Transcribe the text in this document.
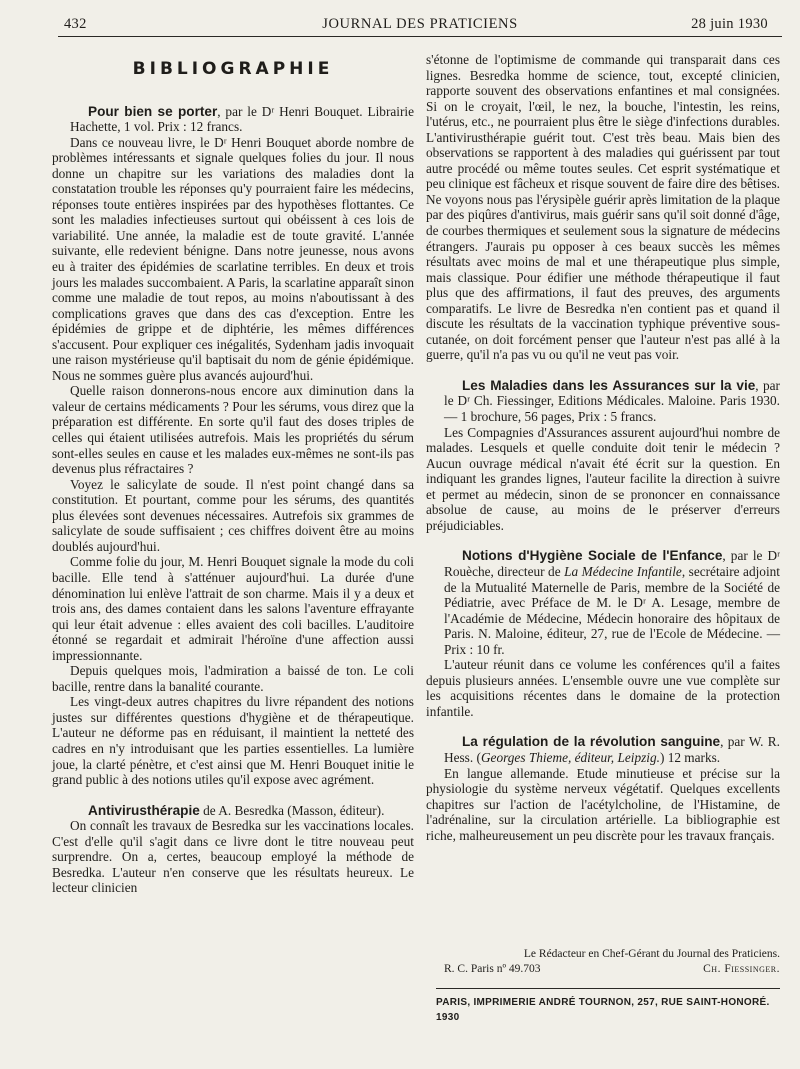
432	JOURNAL DES PRATICIENS	28 juin 1930
BIBLIOGRAPHIE

Pour bien se porter, par le Dʳ Henri Bouquet. Librairie Hachette, 1 vol. Prix : 12 francs.

Dans ce nouveau livre, le Dʳ Henri Bouquet aborde nombre de problèmes intéressants et signale quelques folies du jour. Il nous donne un chapitre sur les variations des maladies dont la constatation trouble les réponses qu'y pourraient faire les médecins, réponses toute entières inspirées par des hypothèses flottantes. Ce sont les maladies infectieuses surtout qui obéissent à ces lois de variabilité. Une année, la maladie est de toute gravité. L'année suivante, elle redevient bénigne. Dans notre jeunesse, nous avons eu à traiter des épidémies de scarlatine terribles. En deux et trois jours les malades succombaient. A Paris, la scarlatine apparaît sinon comme une maladie de tout repos, au moins n'aboutissant à des complications graves que dans des cas d'exception. Entre les épidémies de grippe et de diphtérie, les mêmes différences s'accusent. Pour expliquer ces inégalités, Sydenham jadis invoquait une raison mystérieuse qu'il baptisait du nom de génie épidémique. Nous ne sommes guère plus avancés aujourd'hui.

Quelle raison donnerons-nous encore aux diminution dans la valeur de certains médicaments ? Pour les sérums, vous direz que la préparation est différente. En sorte qu'il faut des doses triples de celles qui étaient utilisées autrefois. Mais les propriétés du sérum sont-elles seules en cause et les malades eux-mêmes ne sont-ils pas devenus plus réfractaires ?

Voyez le salicylate de soude. Il n'est point changé dans sa constitution. Et pourtant, comme pour les sérums, des quantités plus élevées sont devenues nécessaires. Autrefois six grammes de salicylate de soude suffisaient ; ces chiffres doivent être au moins doublés aujourd'hui.

Comme folie du jour, M. Henri Bouquet signale la mode du coli bacille. Elle tend à s'atténuer aujourd'hui. La durée d'une dénomination lui enlève l'attrait de son charme. Mais il y a deux et trois ans, des dames contaient dans les salons l'aventure effrayante qui leur était advenue : elles avaient des coli bacilles. L'auditoire étonné se regardait et admirait l'héroïne d'une affection aussi impressionnante.

Depuis quelques mois, l'admiration a baissé de ton. Le coli bacille, rentre dans la banalité courante.

Les vingt-deux autres chapitres du livre répandent des notions justes sur différentes questions d'hygiène et de thérapeutique. L'auteur ne déforme pas en réduisant, il maintient la netteté des cadres en n'y introduisant que les parties essentielles. La lumière joue, la clarté pénètre, et c'est ainsi que M. Henri Bouquet initie le grand public à des notions utiles qu'il expose avec agrément.

Antivirusthérapie de A. Besredka (Masson, éditeur).

On connaît les travaux de Besredka sur les vaccinations locales. C'est d'elle qu'il s'agit dans ce livre dont le titre nouveau peut surprendre. On a, certes, beaucoup employé la méthode de Besredka. L'auteur n'en conserve que les résultats heureux. Le lecteur clinicien

s'étonne de l'optimisme de commande qui transparait dans ces lignes. Besredka homme de science, tout, excepté clinicien, rapporte souvent des observations enfantines et mal consignées. Si on le croyait, l'œil, le nez, la bouche, l'intestin, les reins, l'utérus, etc., ne pourraient plus être le siège d'infections durables. L'antivirusthérapie guérit tout. C'est très beau. Mais bien des observations se rapportent à des maladies qui guérissent par tout autre procédé ou même toutes seules. Cet esprit systématique et peu clinique est fâcheux et risque souvent de faire dire des bêtises. Ne voyons nous pas l'érysipèle guérir après limitation de la plaque par des piqûres d'antivirus, mais guérir sans qu'il soit donné d'âge, de courbes thermiques et seulement sous la signature de médecins étrangers. J'aurais pu opposer à ces beaux succès les mêmes résultats avec moins de mal et une thérapeutique plus simple, mais classique. Pour édifier une méthode thérapeutique il faut plus que des affirmations, il faut des preuves, des arguments comparatifs. Le livre de Besredka n'en contient pas et quand il discute les résultats de la vaccination typhique préventive sous-cutanée, on doit forcément penser que l'auteur n'est pas allé à la guerre, qu'il n'a pas vu ou qu'il ne veut pas voir.

Les Maladies dans les Assurances sur la vie, par le Dʳ Ch. Fiessinger, Editions Médicales. Maloine. Paris 1930. — 1 brochure, 56 pages, Prix : 5 francs.

Les Compagnies d'Assurances assurent aujourd'hui nombre de malades. Lesquels et quelle conduite doit tenir le médecin ? Aucun ouvrage médical n'avait été écrit sur la question. En indiquant les grandes lignes, l'auteur facilite la direction à suivre et permet au médecin, sinon de se prononcer en connaissance absolue de cause, au moins de le préserver d'erreurs préjudiciables.

Notions d'Hygiène Sociale de l'Enfance, par le Dʳ Rouèche, directeur de La Médecine Infantile, secrétaire adjoint de la Mutualité Maternelle de Paris, membre de la Société de Pédiatrie, avec Préface de M. le Dʳ A. Lesage, membre de l'Académie de Médecine, Médecin honoraire des hôpitaux de Paris. N. Maloine, éditeur, 27, rue de l'Ecole de Médecine. — Prix : 10 fr.

L'auteur réunit dans ce volume les conférences qu'il a faites depuis plusieurs années. L'ensemble ouvre une vue complète sur les acquisitions récentes dans le domaine de la protection infantile.

La régulation de la révolution sanguine, par W. R. Hess. (Georges Thieme, éditeur, Leipzig.) 12 marks.

En langue allemande. Etude minutieuse et précise sur la physiologie du système nerveux végétatif. Quelques excellents chapitres sur l'action de l'acétylcholine, de l'Histamine, de l'adrénaline, sur la circulation artérielle. La bibliographie est riche, malheureusement un peu discrète pour les travaux français.

Le Rédacteur en Chef-Gérant du Journal des Praticiens.
R. C. Paris nº 49.703	Ch. Fiessinger.
PARIS, IMPRIMERIE ANDRÉ TOURNON, 257, RUE SAINT-HONORÉ. 1930
